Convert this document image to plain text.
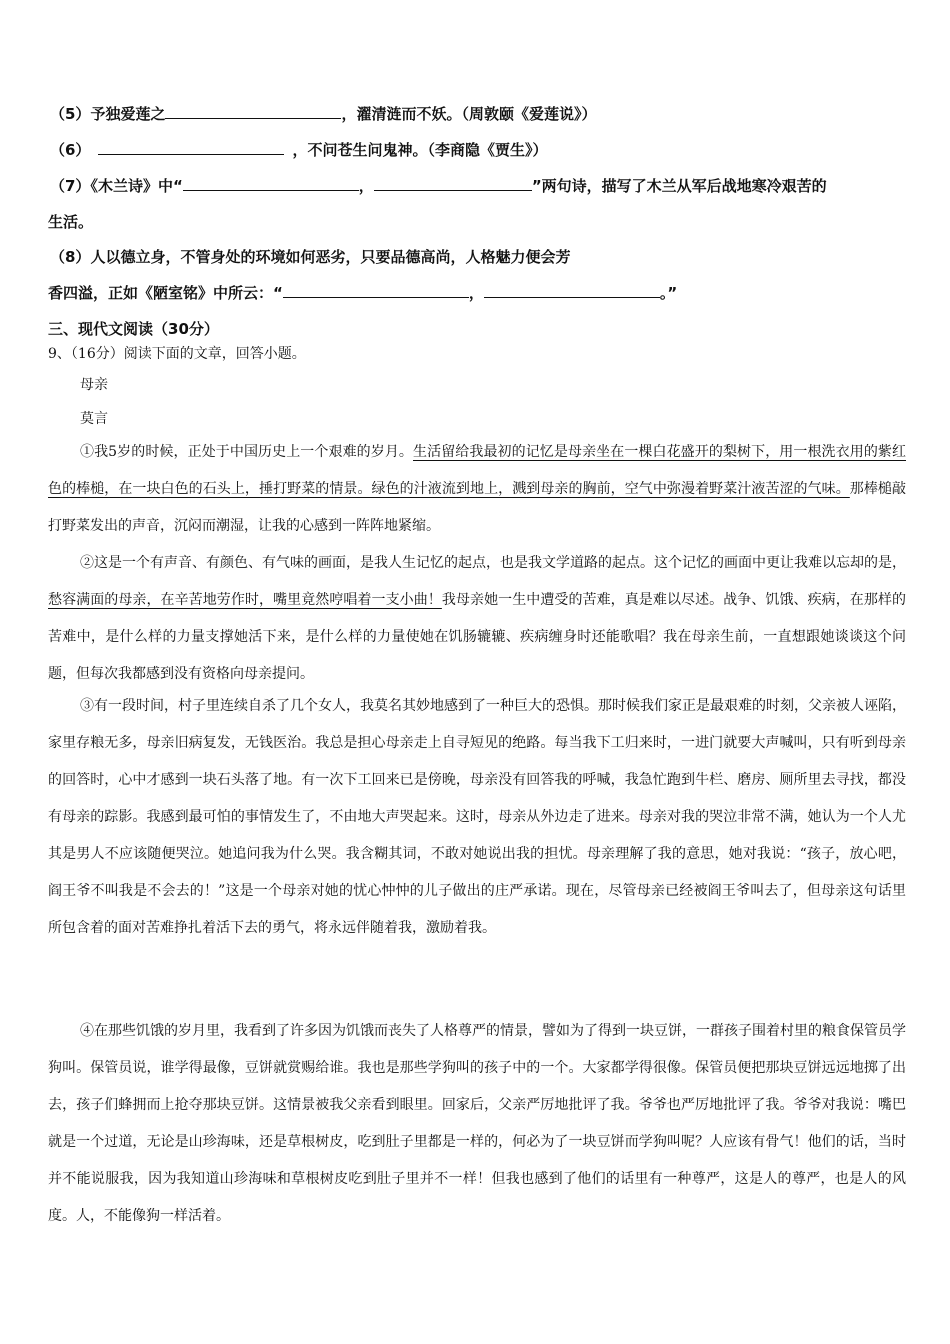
（5）予独爱莲之	，濯清涟而不妖。（周敦颐《爱莲说》）
（6）	，不问苍生问鬼神。（李商隐《贾生》）
（7）《木兰诗》中“	，	”两句诗，描写了木兰从军后战地寒冷艰苦的
生活。
（8）人以德立身，不管身处的环境如何恶劣，只要品德高尚，人格魅力便会芳
香四溢，正如《陋室铭》中所云：“	，	。”
三、现代文阅读（30分）
9、（16分）阅读下面的文章，回答小题。
母亲
莫言

①我5岁的时候，正处于中国历史上一个艰难的岁月。生活留给我最初的记忆是母亲坐在一棵白花盛开的梨树下，用一根洗衣用的紫红色的棒槌，在一块白色的石头上，捶打野菜的情景。绿色的汁液流到地上，溅到母亲的胸前，空气中弥漫着野菜汁液苦涩的气味。那棒槌敲打野菜发出的声音，沉闷而潮湿，让我的心感到一阵阵地紧缩。

②这是一个有声音、有颜色、有气味的画面，是我人生记忆的起点，也是我文学道路的起点。这个记忆的画面中更让我难以忘却的是，愁容满面的母亲，在辛苦地劳作时，嘴里竟然哼唱着一支小曲！我母亲她一生中遭受的苦难，真是难以尽述。战争、饥饿、疾病，在那样的苦难中，是什么样的力量支撑她活下来，是什么样的力量使她在饥肠辘辘、疾病缠身时还能歌唱？我在母亲生前，一直想跟她谈谈这个问题，但每次我都感到没有资格向母亲提问。

③有一段时间，村子里连续自杀了几个女人，我莫名其妙地感到了一种巨大的恐惧。那时候我们家正是最艰难的时刻，父亲被人诬陷，家里存粮无多，母亲旧病复发，无钱医治。我总是担心母亲走上自寻短见的绝路。每当我下工归来时，一进门就要大声喊叫，只有听到母亲的回答时，心中才感到一块石头落了地。有一次下工回来已是傍晚，母亲没有回答我的呼喊，我急忙跑到牛栏、磨房、厕所里去寻找，都没有母亲的踪影。我感到最可怕的事情发生了，不由地大声哭起来。这时，母亲从外边走了进来。母亲对我的哭泣非常不满，她认为一个人尤其是男人不应该随便哭泣。她追问我为什么哭。我含糊其词，不敢对她说出我的担忧。母亲理解了我的意思，她对我说：“孩子，放心吧，阎王爷不叫我是不会去的！”这是一个母亲对她的忧心忡忡的儿子做出的庄严承诺。现在，尽管母亲已经被阎王爷叫去了，但母亲这句话里所包含着的面对苦难挣扎着活下去的勇气，将永远伴随着我，激励着我。

④在那些饥饿的岁月里，我看到了许多因为饥饿而丧失了人格尊严的情景，譬如为了得到一块豆饼，一群孩子围着村里的粮食保管员学狗叫。保管员说，谁学得最像，豆饼就赏赐给谁。我也是那些学狗叫的孩子中的一个。大家都学得很像。保管员便把那块豆饼远远地掷了出去，孩子们蜂拥而上抢夺那块豆饼。这情景被我父亲看到眼里。回家后，父亲严厉地批评了我。爷爷也严厉地批评了我。爷爷对我说：嘴巴就是一个过道，无论是山珍海味，还是草根树皮，吃到肚子里都是一样的，何必为了一块豆饼而学狗叫呢？人应该有骨气！他们的话，当时并不能说服我，因为我知道山珍海味和草根树皮吃到肚子里并不一样！但我也感到了他们的话里有一种尊严，这是人的尊严，也是人的风度。人，不能像狗一样活着。
